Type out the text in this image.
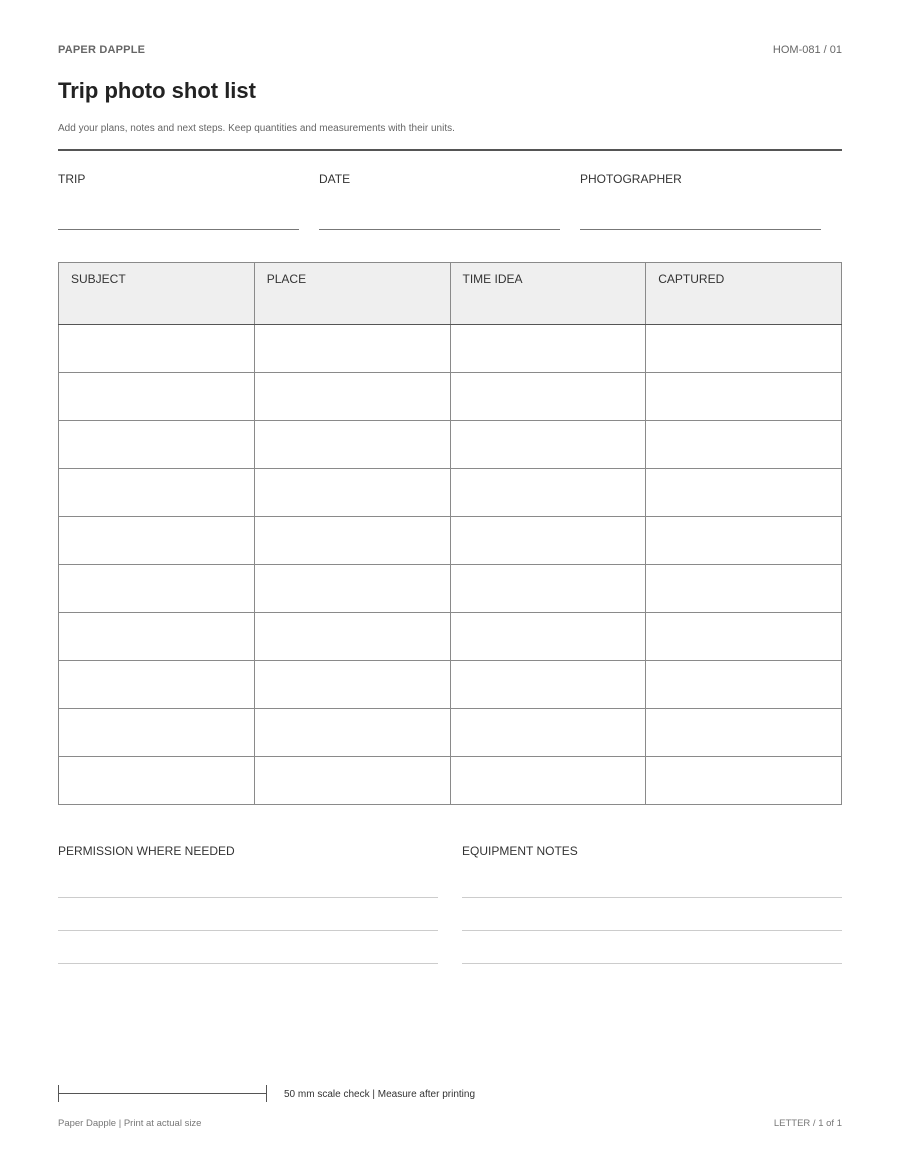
PAPER DAPPLE	HOM-081 / 01
Trip photo shot list
Add your plans, notes and next steps. Keep quantities and measurements with their units.
TRIP	DATE	PHOTOGRAPHER
SUBJECT	PLACE	TIME IDEA	CAPTURED

PERMISSION WHERE NEEDED	EQUIPMENT NOTES
50 mm scale check | Measure after printing
Paper Dapple | Print at actual size	LETTER / 1 of 1
